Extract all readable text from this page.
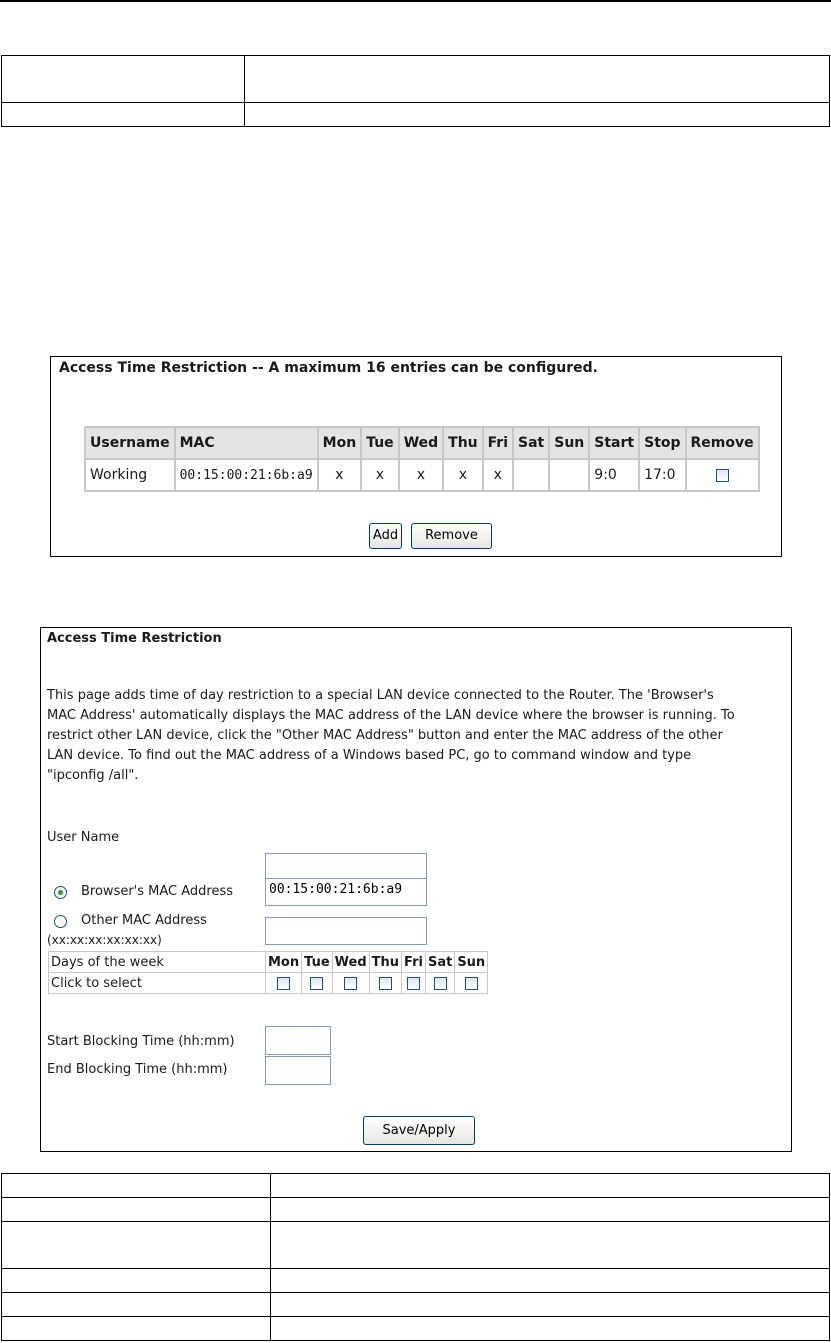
Access Time Restriction -- A maximum 16 entries can be configured.
Username	MAC	Mon	Tue	Wed	Thu	Fri	Sat	Sun	Start	Stop	Remove
Working	00:15:00:21:6b:a9	x	x	x	x	x			9:0	17:0	
Add	Remove
Access Time Restriction
This page adds time of day restriction to a special LAN device connected to the Router. The 'Browser's
MAC Address' automatically displays the MAC address of the LAN device where the browser is running. To
restrict other LAN device, click the "Other MAC Address" button and enter the MAC address of the other
LAN device. To find out the MAC address of a Windows based PC, go to command window and type
"ipconfig /all".
User Name
Browser's MAC Address	00:15:00:21:6b:a9
Other MAC Address
(xx:xx:xx:xx:xx:xx)
Days of the week	Mon	Tue	Wed	Thu	Fri	Sat	Sun
Click to select							
Start Blocking Time (hh:mm)
End Blocking Time (hh:mm)
Save/Apply
